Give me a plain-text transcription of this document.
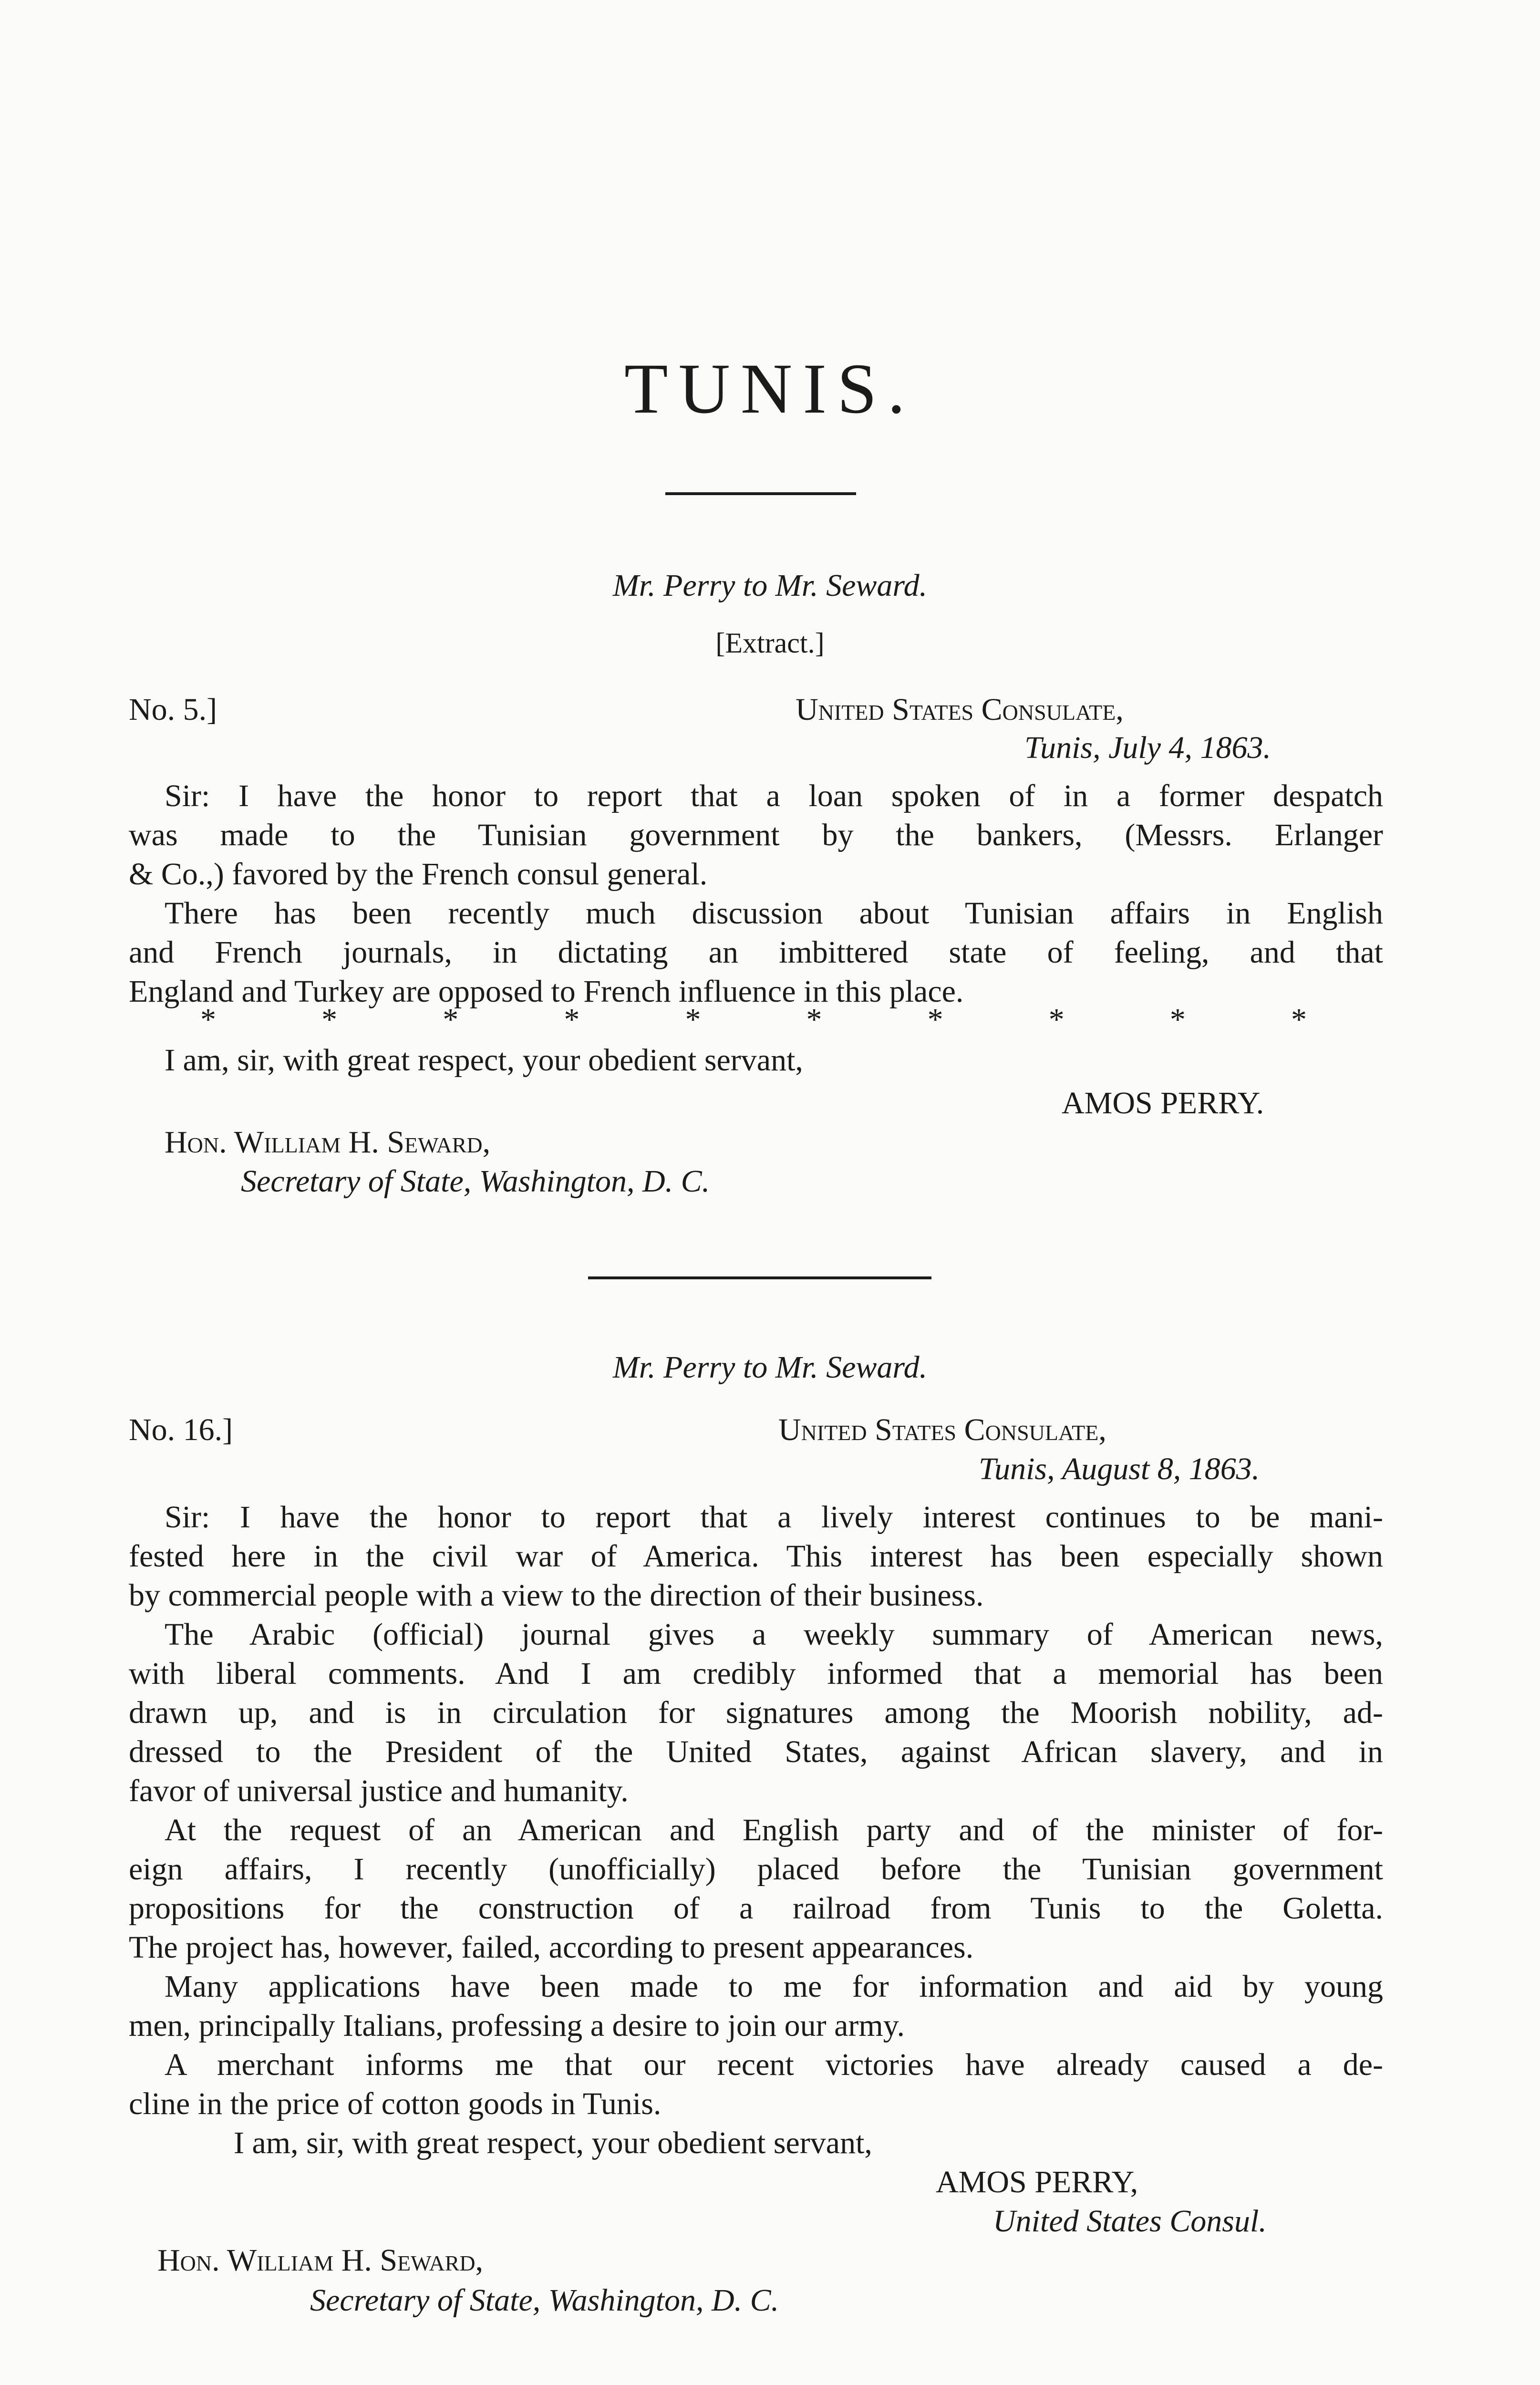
TUNIS.
Mr. Perry to Mr. Seward.
[Extract.]
No. 5.]	United States Consulate,
Tunis, July 4, 1863.
Sir: I have the honor to report that a loan spoken of in a former despatch
was made to the Tunisian government by the bankers, (Messrs. Erlanger
& Co.,) favored by the French consul general.
There has been recently much discussion about Tunisian affairs in English
and French journals, in dictating an imbittered state of feeling, and that
England and Turkey are opposed to French influence in this place.
*	*	*	*	*	*	*	*	*	*
I am, sir, with great respect, your obedient servant,
AMOS PERRY.
Hon. William H. Seward,
Secretary of State, Washington, D. C.
Mr. Perry to Mr. Seward.
No. 16.]	United States Consulate,
Tunis, August 8, 1863.
Sir: I have the honor to report that a lively interest continues to be mani-
fested here in the civil war of America. This interest has been especially shown
by commercial people with a view to the direction of their business.
The Arabic (official) journal gives a weekly summary of American news,
with liberal comments. And I am credibly informed that a memorial has been
drawn up, and is in circulation for signatures among the Moorish nobility, ad-
dressed to the President of the United States, against African slavery, and in
favor of universal justice and humanity.
At the request of an American and English party and of the minister of for-
eign affairs, I recently (unofficially) placed before the Tunisian government
propositions for the construction of a railroad from Tunis to the Goletta.
The project has, however, failed, according to present appearances.
Many applications have been made to me for information and aid by young
men, principally Italians, professing a desire to join our army.
A merchant informs me that our recent victories have already caused a de-
cline in the price of cotton goods in Tunis.
I am, sir, with great respect, your obedient servant,
AMOS PERRY,
United States Consul.
Hon. William H. Seward,
Secretary of State, Washington, D. C.
